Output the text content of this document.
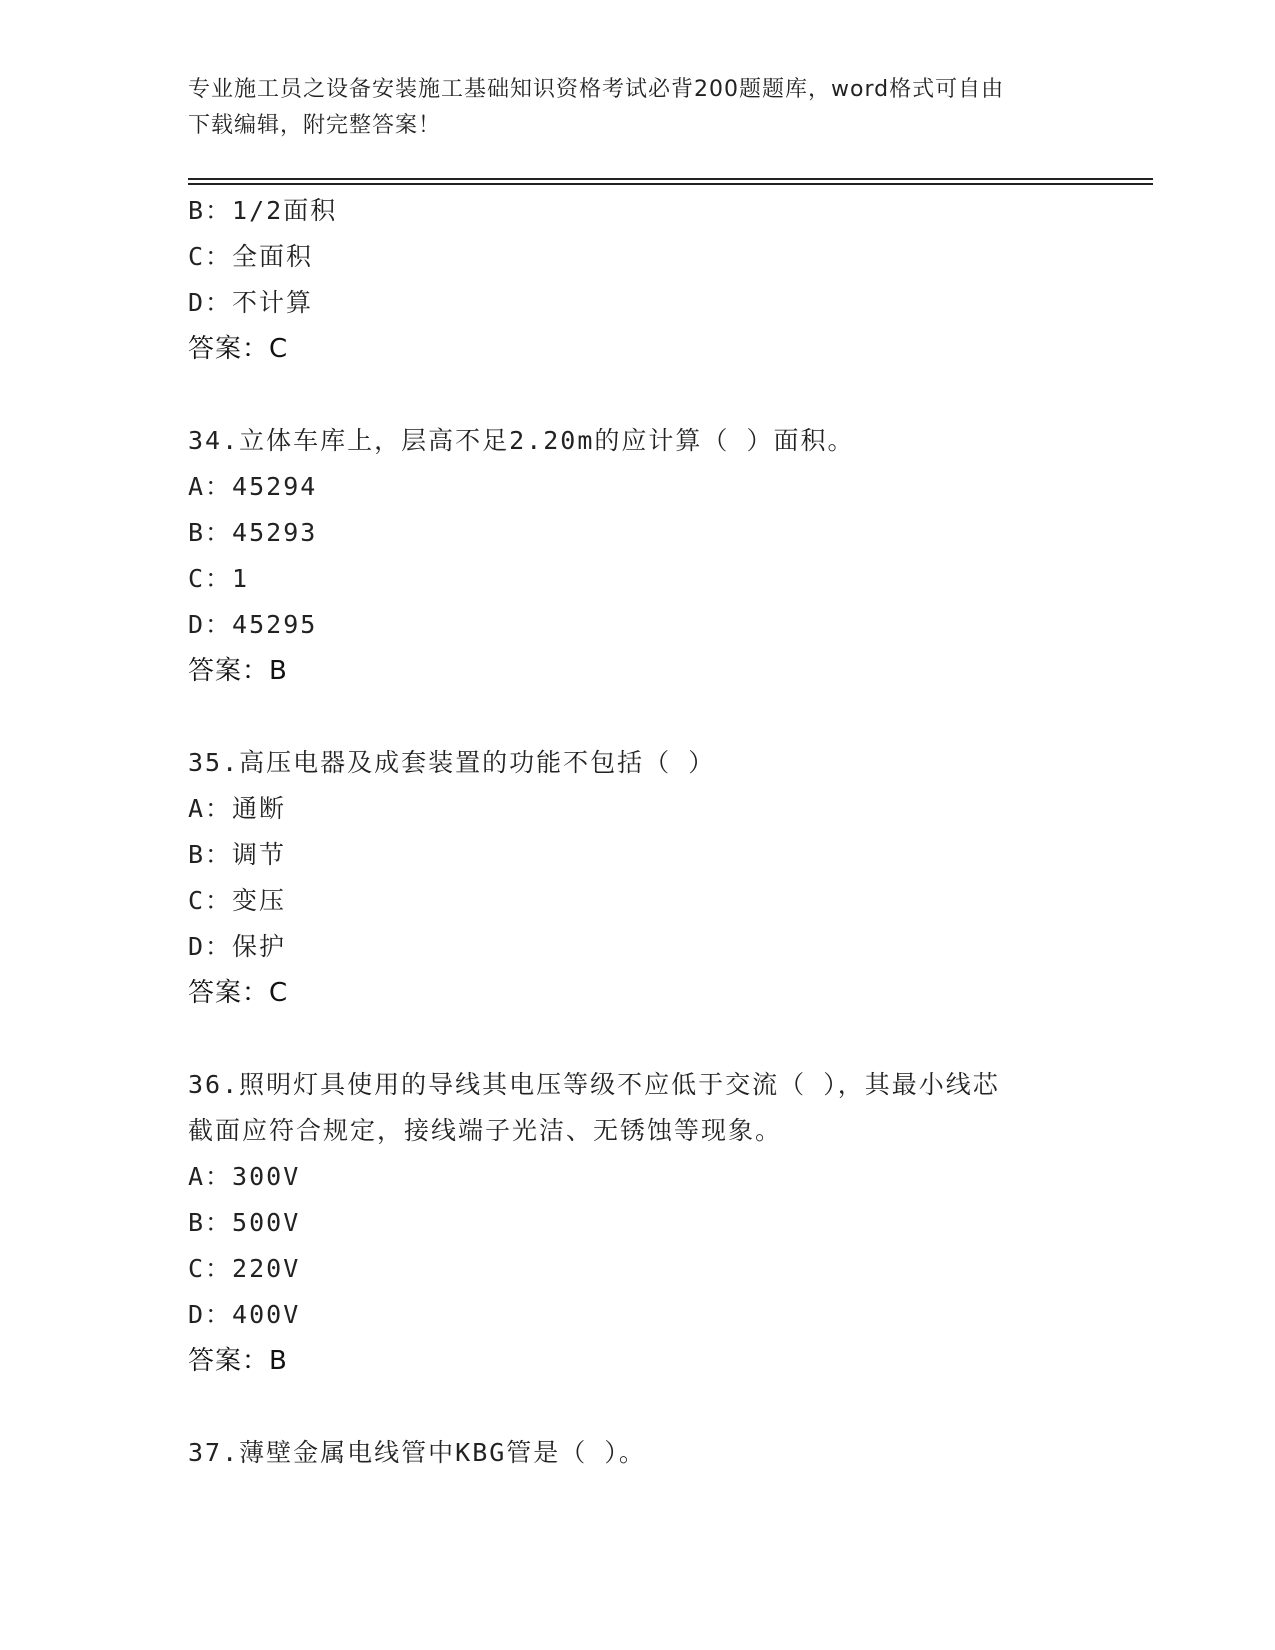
专业施工员之设备安装施工基础知识资格考试必背200题题库，word格式可自由
下载编辑，附完整答案！
B：1/2面积
C：全面积
D：不计算
答案：C
34.立体车库上，层高不足2.20m的应计算（ ）面积。
A：45294
B：45293
C：1
D：45295
答案：B
35.高压电器及成套装置的功能不包括（ ）
A：通断
B：调节
C：变压
D：保护
答案：C
36.照明灯具使用的导线其电压等级不应低于交流（ ），其最小线芯
截面应符合规定，接线端子光洁、无锈蚀等现象。
A：300V
B：500V
C：220V
D：400V
答案：B
37.薄壁金属电线管中KBG管是（ ）。
